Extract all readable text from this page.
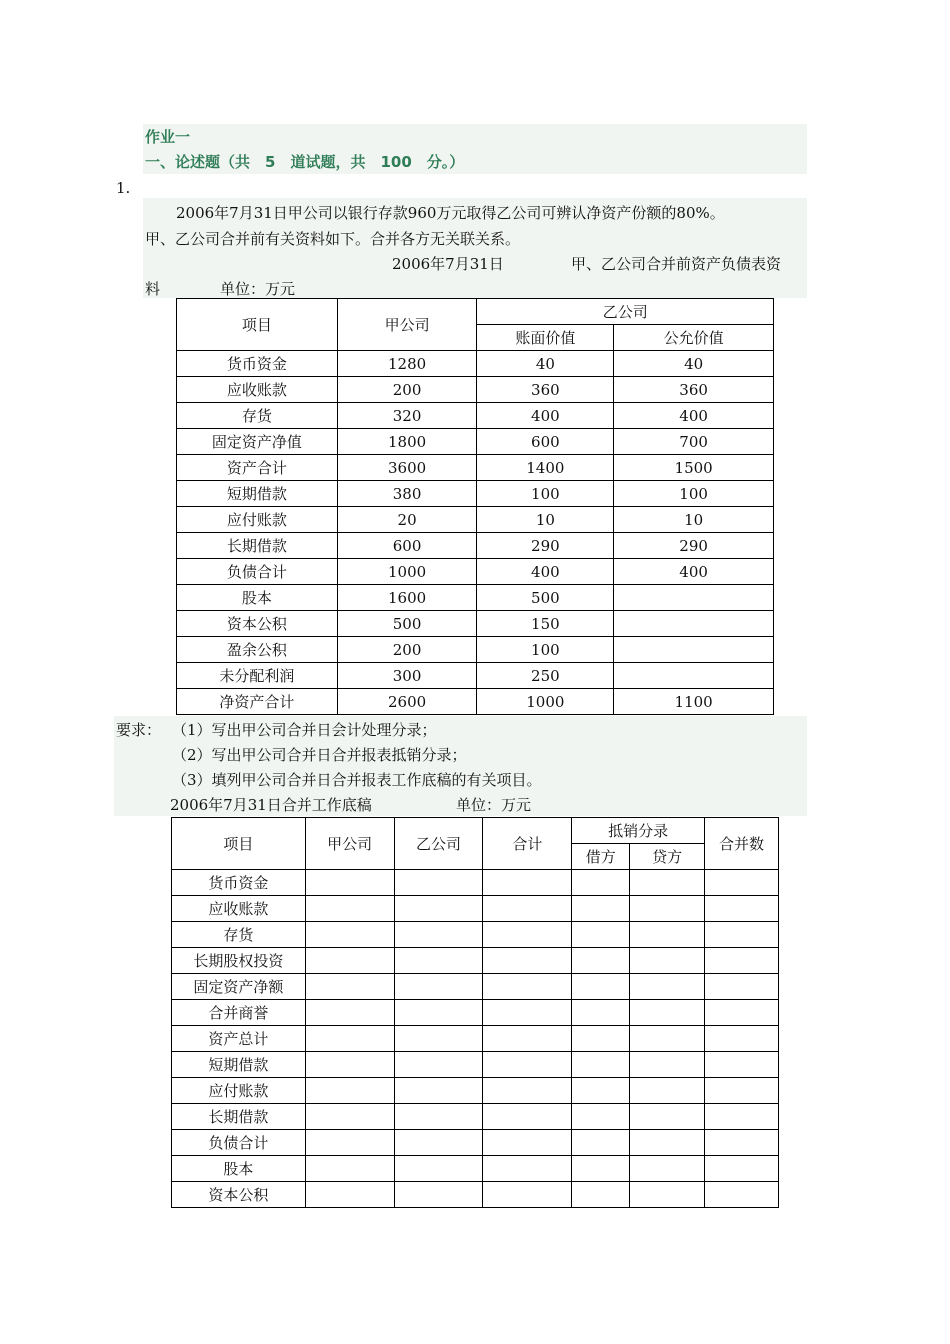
作业一
一、论述题（共　5　道试题，共　100　分。）
1.
2006年7月31日甲公司以银行存款960万元取得乙公司可辨认净资产份额的80%。
甲、乙公司合并前有关资料如下。合并各方无关联关系。
2006年7月31日	甲、乙公司合并前资产负债表资
料	单位：万元
项目	甲公司	乙公司	
		账面价值	公允价值
货币资金	1280	40	40
应收账款	200	360	360
存货	320	400	400
固定资产净值	1800	600	700
资产合计	3600	1400	1500
短期借款	380	100	100
应付账款	20	10	10
长期借款	600	290	290
负债合计	1000	400	400
股本	1600	500	
资本公积	500	150	
盈余公积	200	100	
未分配利润	300	250	
净资产合计	2600	1000	1100
要求： （1）写出甲公司合并日会计处理分录；
（2）写出甲公司合并日合并报表抵销分录；
（3）填列甲公司合并日合并报表工作底稿的有关项目。
2006年7月31日合并工作底稿	单位：万元
项目	甲公司	乙公司	合计	抵销分录		合并数
				借方	贷方	
货币资金						
应收账款						
存货						
长期股权投资						
固定资产净额						
合并商誉						
资产总计						
短期借款						
应付账款						
长期借款						
负债合计						
股本						
资本公积						
